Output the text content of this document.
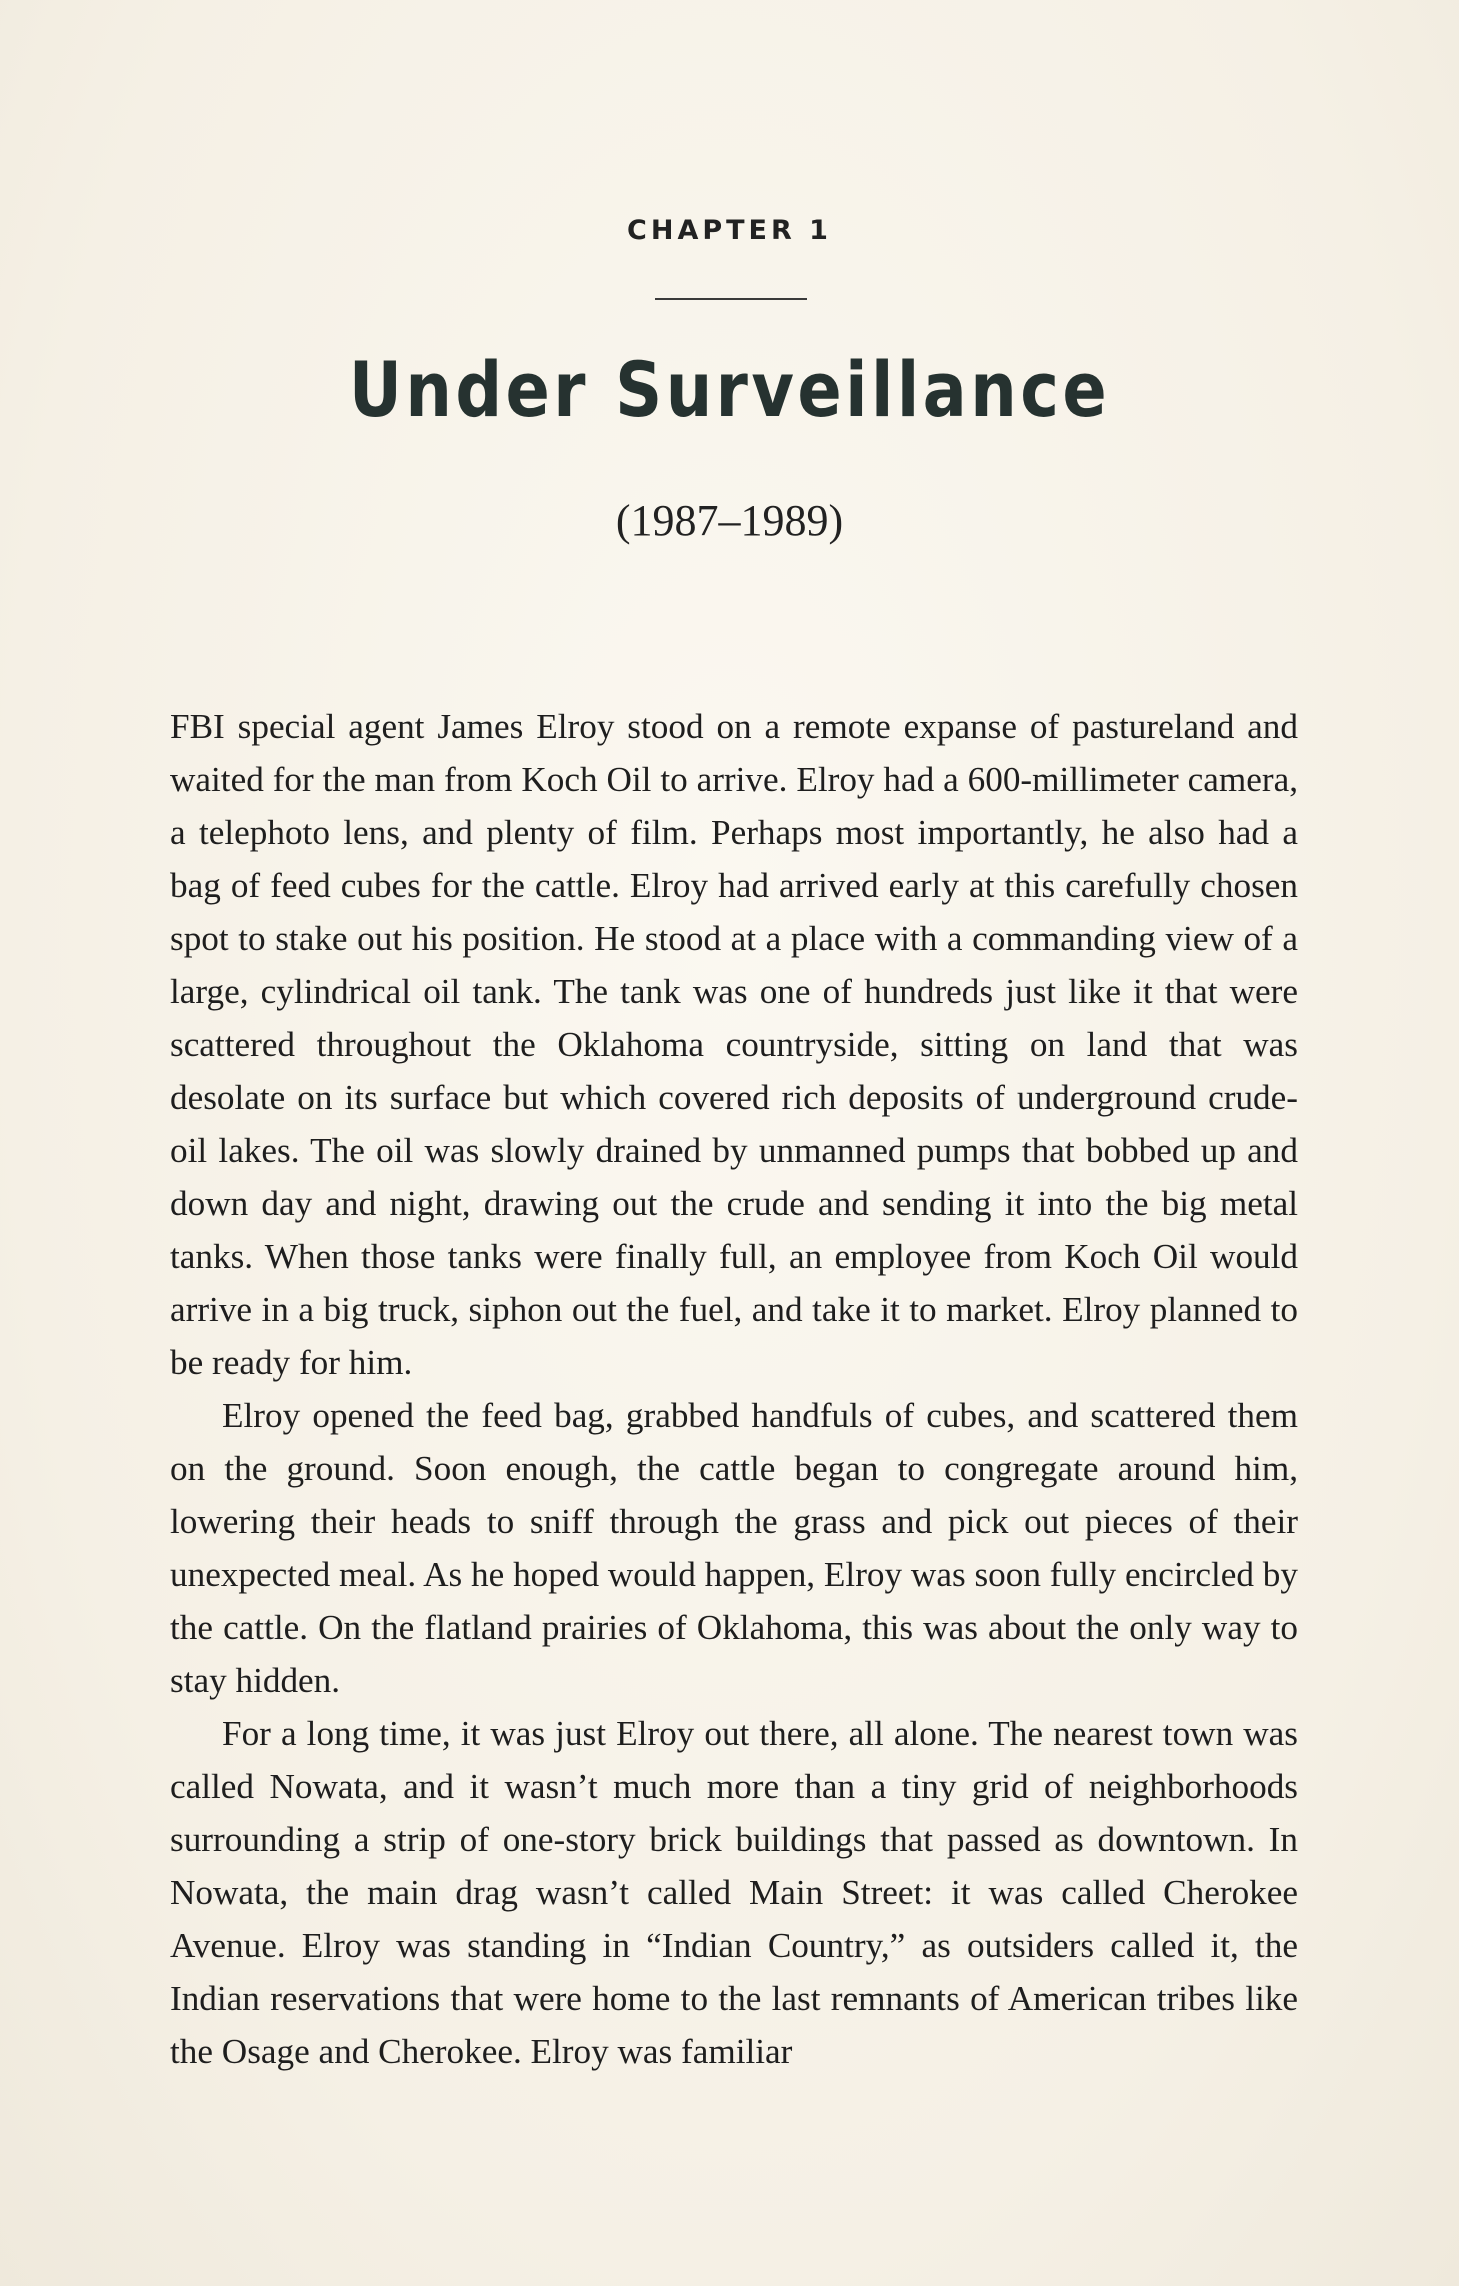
CHAPTER 1
Under Surveillance
(1987–1989)

FBI special agent James Elroy stood on a remote expanse of pastureland and waited for the man from Koch Oil to arrive. Elroy had a 600-millimeter camera, a telephoto lens, and plenty of film. Perhaps most importantly, he also had a bag of feed cubes for the cattle. Elroy had arrived early at this carefully chosen spot to stake out his position. He stood at a place with a commanding view of a large, cylindrical oil tank. The tank was one of hundreds just like it that were scattered throughout the Oklahoma countryside, sitting on land that was desolate on its surface but which covered rich deposits of underground crude-oil lakes. The oil was slowly drained by unmanned pumps that bobbed up and down day and night, drawing out the crude and sending it into the big metal tanks. When those tanks were finally full, an employee from Koch Oil would arrive in a big truck, siphon out the fuel, and take it to market. Elroy planned to be ready for him.

Elroy opened the feed bag, grabbed handfuls of cubes, and scattered them on the ground. Soon enough, the cattle began to congregate around him, lowering their heads to sniff through the grass and pick out pieces of their unexpected meal. As he hoped would happen, Elroy was soon fully encircled by the cattle. On the flatland prairies of Oklahoma, this was about the only way to stay hidden.

For a long time, it was just Elroy out there, all alone. The nearest town was called Nowata, and it wasn’t much more than a tiny grid of neighborhoods surrounding a strip of one-story brick buildings that passed as downtown. In Nowata, the main drag wasn’t called Main Street: it was called Cherokee Avenue. Elroy was standing in “Indian Country,” as outsiders called it, the Indian reservations that were home to the last remnants of American tribes like the Osage and Cherokee. Elroy was familiar
